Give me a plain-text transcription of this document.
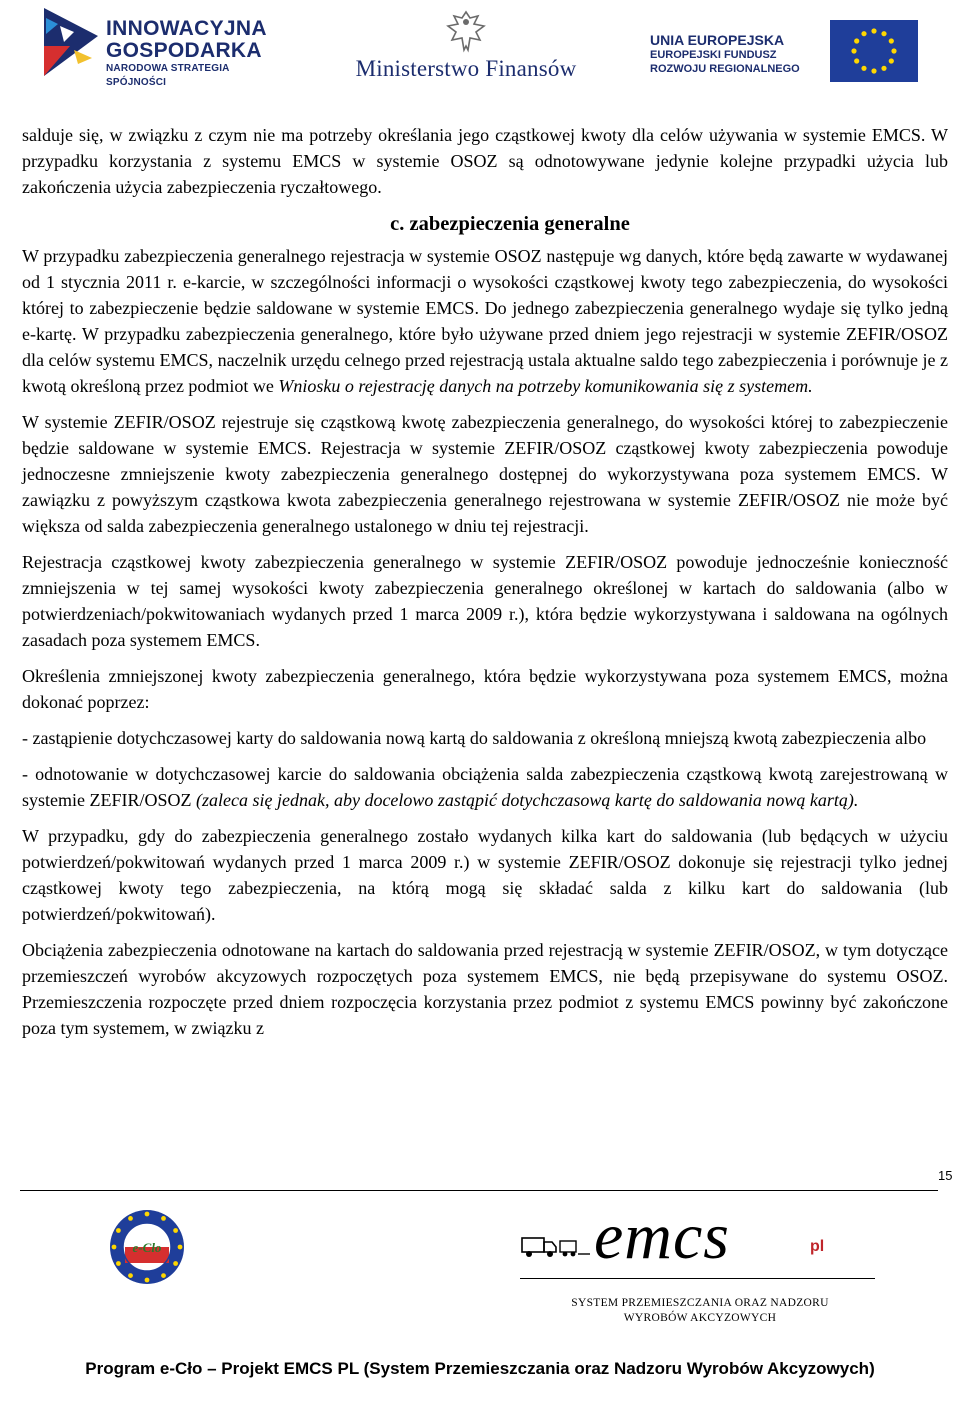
INNOWACYJNA
GOSPODARKA
NARODOWA STRATEGIA SPÓJNOŚCI
Ministerstwo Finansów
UNIA EUROPEJSKA
EUROPEJSKI FUNDUSZ
ROZWOJU REGIONALNEGO

salduje się, w związku z czym nie ma potrzeby określania jego cząstkowej kwoty dla celów używania w systemie EMCS. W przypadku korzystania z systemu EMCS w systemie OSOZ są odnotowywane jedynie kolejne przypadki użycia lub zakończenia użycia zabezpieczenia ryczałtowego.

c. zabezpieczenia generalne

W przypadku zabezpieczenia generalnego rejestracja w systemie OSOZ następuje wg danych, które będą zawarte w wydawanej od 1 stycznia 2011 r. e-karcie, w szczególności informacji o wysokości cząstkowej kwoty tego zabezpieczenia, do wysokości której to zabezpieczenie będzie saldowane w systemie EMCS. Do jednego zabezpieczenia generalnego wydaje się tylko jedną e-kartę. W przypadku zabezpieczenia generalnego, które było używane przed dniem jego rejestracji w systemie ZEFIR/OSOZ dla celów systemu EMCS, naczelnik urzędu celnego przed rejestracją ustala aktualne saldo tego zabezpieczenia i porównuje je z kwotą określoną przez podmiot we Wniosku o rejestrację danych na potrzeby komunikowania się z systemem.

W systemie ZEFIR/OSOZ rejestruje się cząstkową kwotę zabezpieczenia generalnego, do wysokości której to zabezpieczenie będzie saldowane w systemie EMCS. Rejestracja w systemie ZEFIR/OSOZ cząstkowej kwoty zabezpieczenia powoduje jednoczesne zmniejszenie kwoty zabezpieczenia generalnego dostępnej do wykorzystywana poza systemem EMCS. W zawiązku z powyższym cząstkowa kwota zabezpieczenia generalnego rejestrowana w systemie ZEFIR/OSOZ nie może być większa od salda zabezpieczenia generalnego ustalonego w dniu tej rejestracji.

Rejestracja cząstkowej kwoty zabezpieczenia generalnego w systemie ZEFIR/OSOZ powoduje jednocześnie konieczność zmniejszenia w tej samej wysokości kwoty zabezpieczenia generalnego określonej w kartach do saldowania (albo w potwierdzeniach/pokwitowaniach wydanych przed 1 marca 2009 r.), która będzie wykorzystywana i saldowana na ogólnych zasadach poza systemem EMCS.

Określenia zmniejszonej kwoty zabezpieczenia generalnego, która będzie wykorzystywana poza systemem EMCS, można dokonać poprzez:

- zastąpienie dotychczasowej karty do saldowania nową kartą do saldowania z określoną mniejszą kwotą zabezpieczenia albo

- odnotowanie w dotychczasowej karcie do saldowania obciążenia salda zabezpieczenia cząstkową kwotą zarejestrowaną w systemie ZEFIR/OSOZ (zaleca się jednak, aby docelowo zastąpić dotychczasową kartę do saldowania nową kartą).

W przypadku, gdy do zabezpieczenia generalnego zostało wydanych kilka kart do saldowania (lub będących w użyciu potwierdzeń/pokwitowań wydanych przed 1 marca 2009 r.) w systemie ZEFIR/OSOZ dokonuje się rejestracji tylko jednej cząstkowej kwoty tego zabezpieczenia, na którą mogą się składać salda z kilku kart do saldowania (lub potwierdzeń/pokwitowań).

Obciążenia zabezpieczenia odnotowane na kartach do saldowania przed rejestracją w systemie ZEFIR/OSOZ, w tym dotyczące przemieszczeń wyrobów akcyzowych rozpoczętych poza systemem EMCS, nie będą przepisywane do systemu OSOZ. Przemieszczenia rozpoczęte przed dniem rozpoczęcia korzystania przez podmiot z systemu EMCS powinny być zakończone poza tym systemem, w związku z

15
e-Clo	emcs	pl
SYSTEM PRZEMIESZCZANIA ORAZ NADZORU
WYROBÓW AKCYZOWYCH
Program e-Cło – Projekt EMCS PL (System Przemieszczania oraz Nadzoru Wyrobów Akcyzowych)
